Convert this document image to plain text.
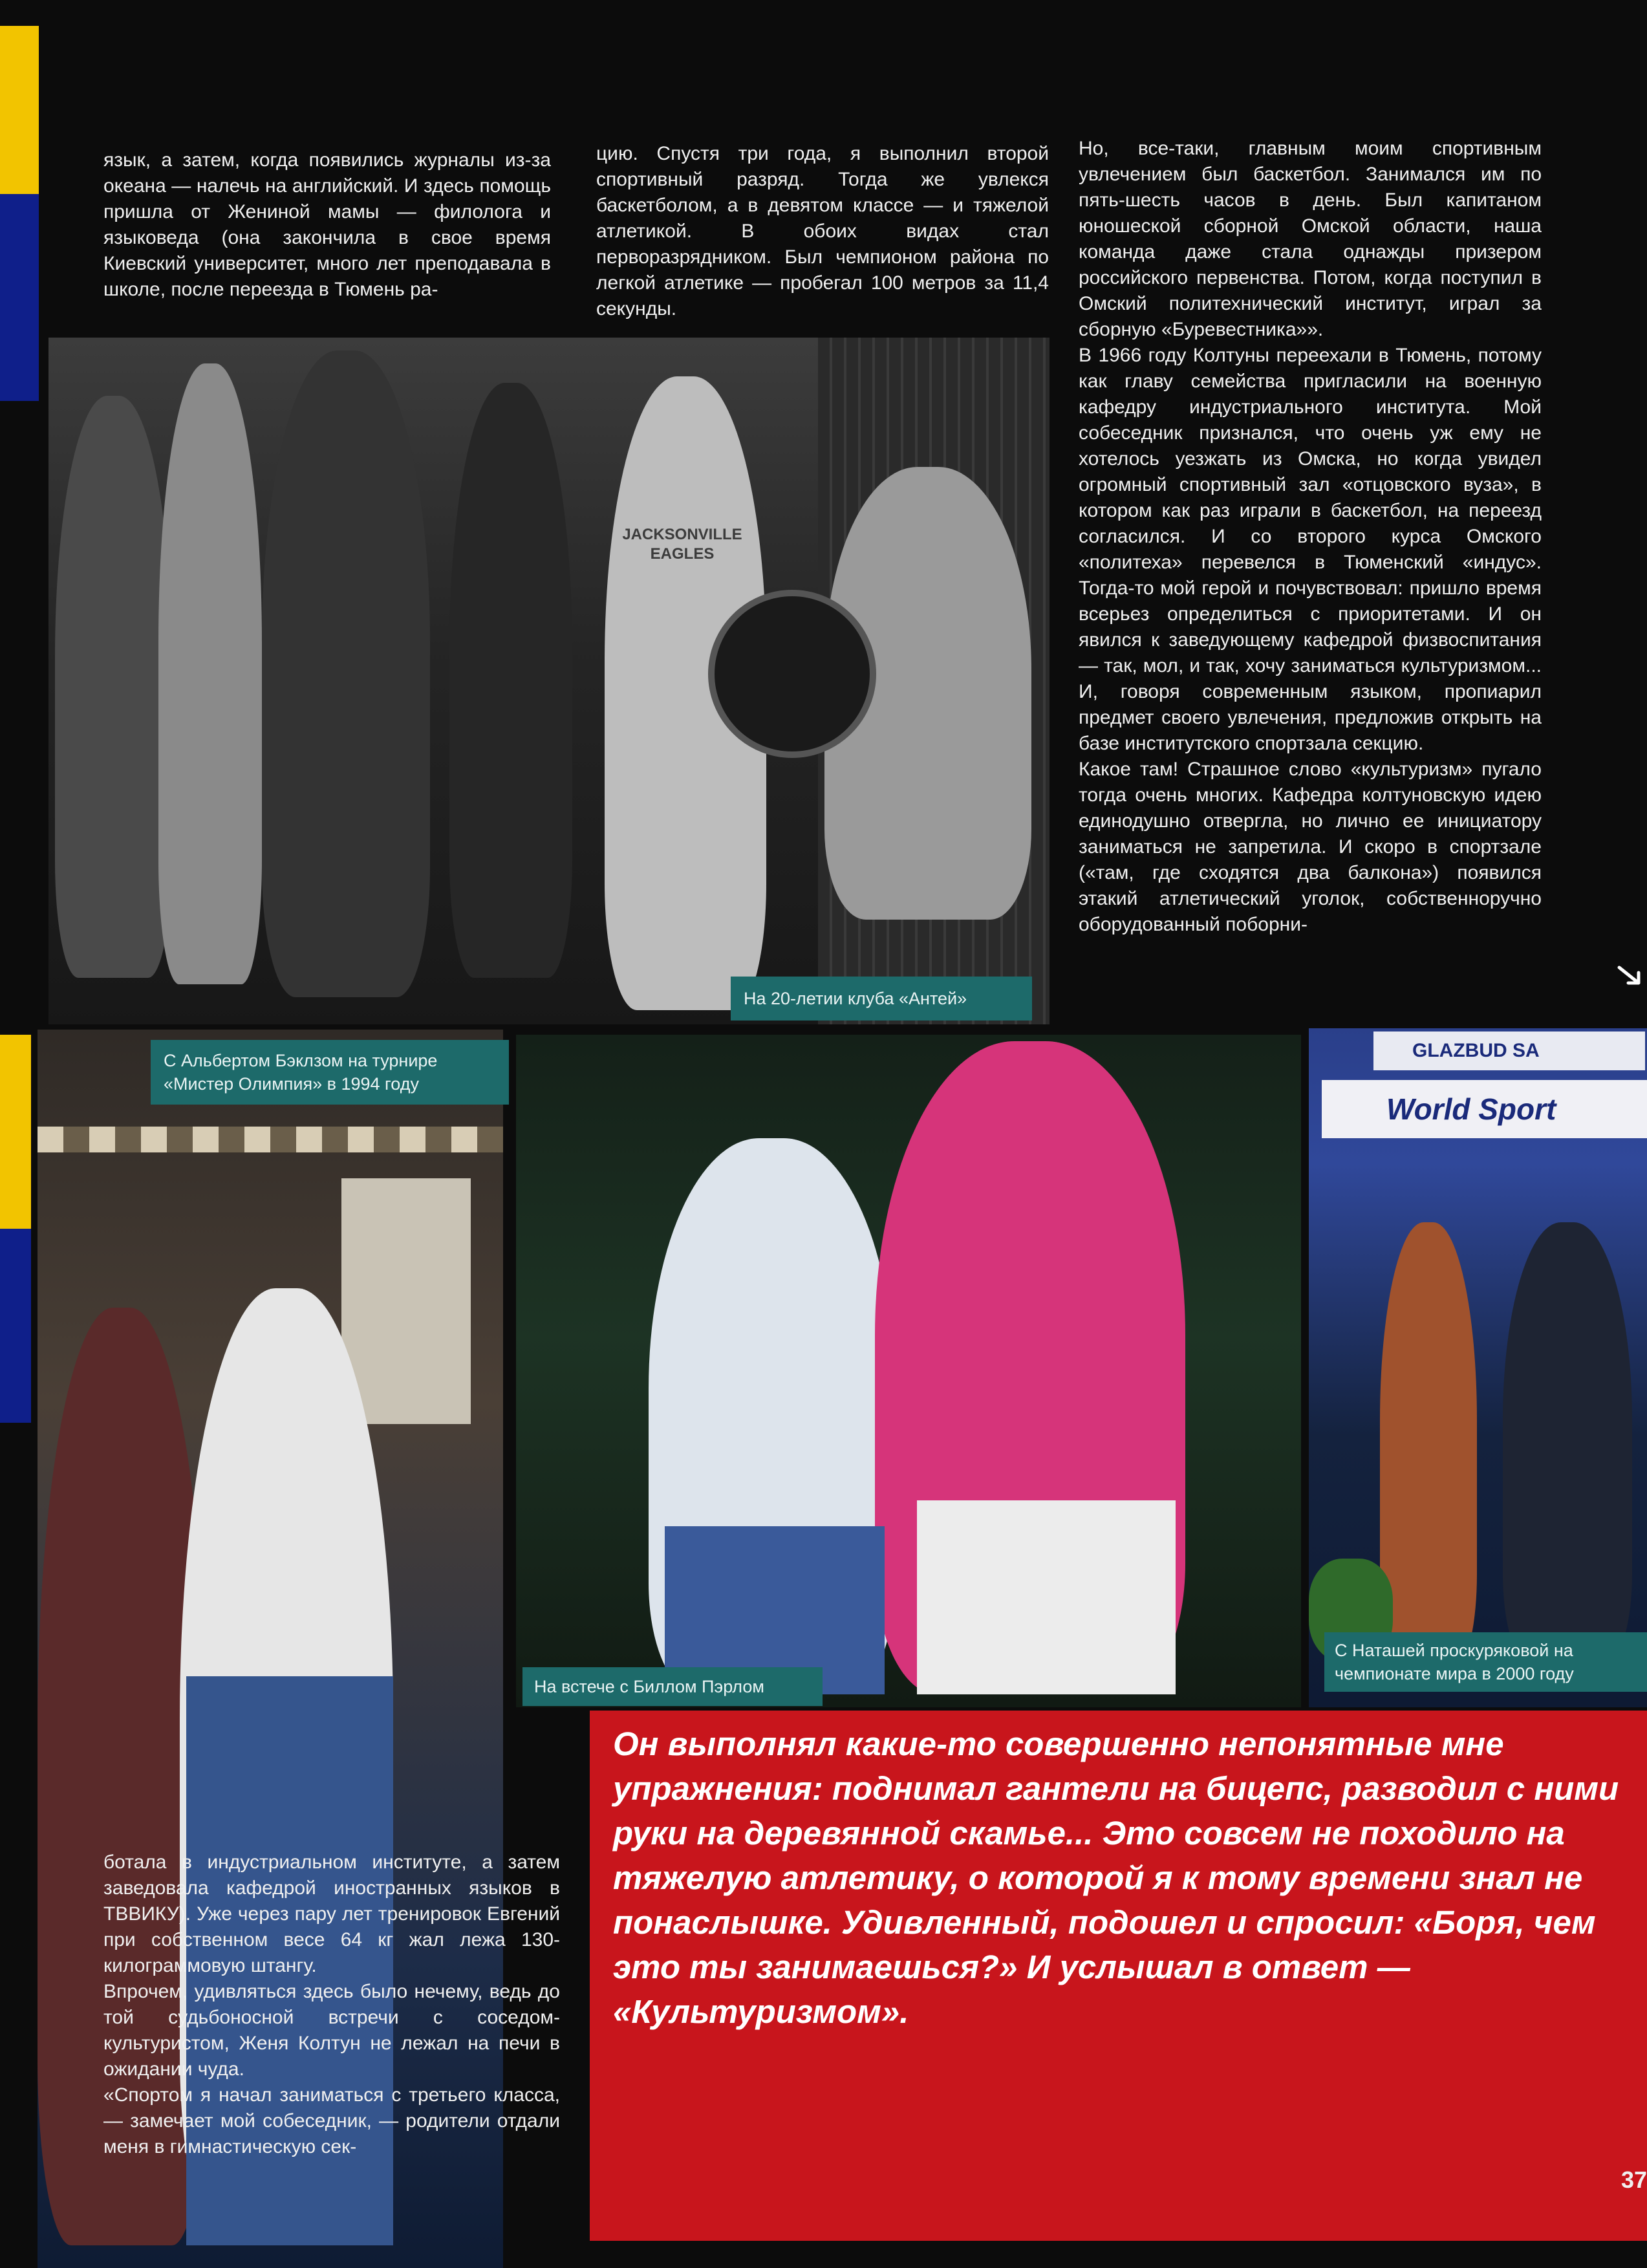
язык, а затем, когда появились журналы из-за океана — налечь на английский. И здесь помощь пришла от Жениной мамы — филолога и языковеда (она закончила в свое время Киевский университет, много лет преподавала в школе, после переезда в Тюмень ра-

цию. Спустя три года, я выполнил второй спортивный разряд. Тогда же увлекся баскетболом, а в девятом классе — и тяжелой атлетикой. В обоих видах стал перворазрядником. Был чемпионом района по легкой атлетике — пробегал 100 метров за 11,4 секунды.

Но, все-таки, главным моим спортивным увлечением был баскетбол. Занимался им по пять-шесть часов в день. Был капитаном юношеской сборной Омской области, наша команда даже стала однажды призером российского первенства. Потом, когда поступил в Омский политехнический институт, играл за сборную «Буревестника»».

В 1966 году Колтуны переехали в Тюмень, потому как главу семейства пригласили на военную кафедру индустриального института. Мой собеседник признался, что очень уж ему не хотелось уезжать из Омска, но когда увидел огромный спортивный зал «отцовского вуза», в котором как раз играли в баскетбол, на переезд согласился. И со второго курса Омского «политеха» перевелся в Тюменский «индус». Тогда-то мой герой и почувствовал: пришло время всерьез определиться с приоритетами. И он явился к заведующему кафедрой физвоспитания — так, мол, и так, хочу заниматься культуризмом... И, говоря современным языком, пропиарил предмет своего увлечения, предложив открыть на базе институтского спортзала секцию.

Какое там! Страшное слово «культуризм» пугало тогда очень многих. Кафедра колтуновскую идею единодушно отвергла, но лично ее инициатору заниматься не запретила. И скоро в спортзале («там, где сходятся два балкона») появился этакий атлетический уголок, собственноручно оборудованный поборни-

JACKSONVILLE EAGLES
На 20-летии клуба «Антей»
С Альбертом Бэклзом на турнире «Мистер Олимпия» в 1994 году
На встече с Биллом Пэрлом
GLAZBUD SA
World Sport
С Наташей проскуряковой на чемпионате мира в 2000 году

ботала в индустриальном институте, а затем заведовала кафедрой иностранных языков в ТВВИКУ). Уже через пару лет тренировок Евгений при собственном весе 64 кг жал лежа 130-килограммовую штангу.

Впрочем, удивляться здесь было нечему, ведь до той судьбоносной встречи с соседом-культуристом, Женя Колтун не лежал на печи в ожидании чуда.

«Спортом я начал заниматься с третьего класса, — замечает мой собеседник, — родители отдали меня в гимнастическую сек-

Он выполнял какие-то совершенно непонятные мне упражнения: поднимал гантели на бицепс, разводил с ними руки на деревянной скамье... Это совсем не походило на тяжелую атлетику, о которой я к тому времени знал не понаслышке. Удивленный, подошел и спросил: «Боря, чем это ты занимаешься?» И услышал в ответ — «Культуризмом».
37
